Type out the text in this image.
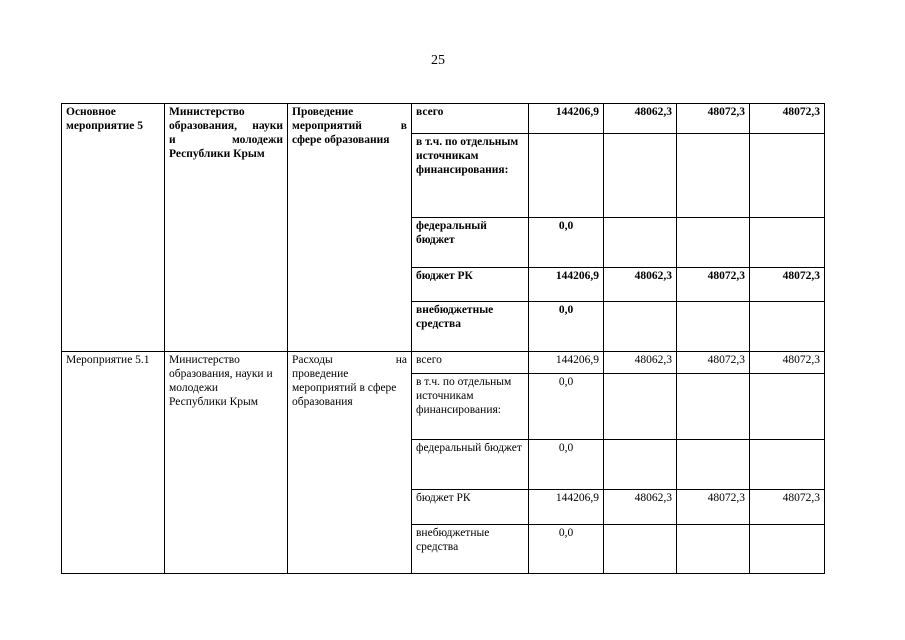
25
Основное мероприятие 5	Министерство
образования, науки
и молодежи
Республики Крым	Проведение
мероприятий в
сфере образования	всего	144206,9	48062,3	48072,3	48072,3
			в т.ч. по отдельным источникам финансирования:				
			федеральный бюджет	0,0			
			бюджет РК	144206,9	48062,3	48072,3	48072,3
			внебюджетные средства	0,0			
Мероприятие 5.1	Министерство
образования, науки и
молодежи
Республики Крым	Расходы на
проведение
мероприятий в сфере
образования	всего	144206,9	48062,3	48072,3	48072,3
			в т.ч. по отдельным источникам финансирования:	0,0			
			федеральный бюджет	0,0			
			бюджет РК	144206,9	48062,3	48072,3	48072,3
			внебюджетные средства	0,0			
